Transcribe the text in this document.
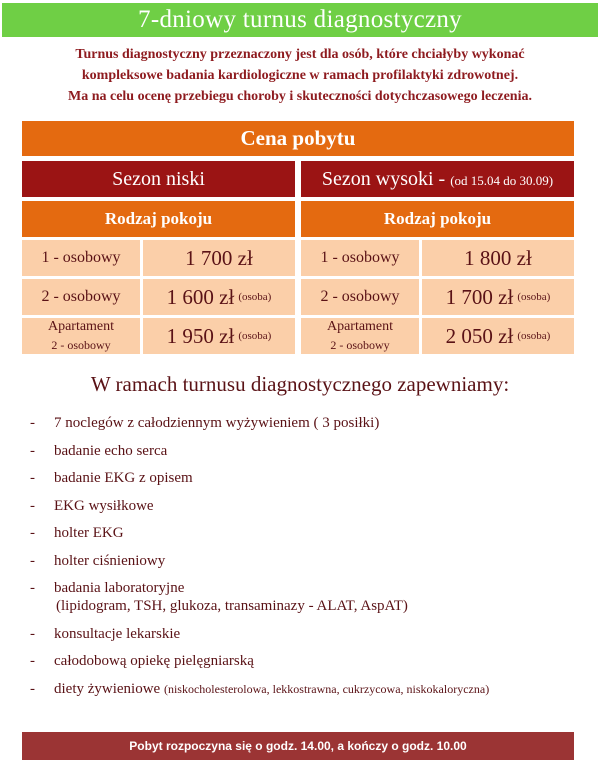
7-dniowy turnus diagnostyczny
Turnus diagnostyczny przeznaczony jest dla osób, które chciałyby wykonać
kompleksowe badania kardiologiczne w ramach profilaktyki zdrowotnej.
Ma na celu ocenę przebiegu choroby i skuteczności dotychczasowego leczenia.
Cena pobytu
Sezon niski
Rodzaj pokoju
1 - osobowy	1 700 zł
2 - osobowy	1 600 zł (osoba)
Apartament
2 - osobowy	1 950 zł (osoba)
Sezon wysoki - (od 15.04 do 30.09)
Rodzaj pokoju
1 - osobowy	1 800 zł
2 - osobowy	1 700 zł (osoba)
Apartament
2 - osobowy	2 050 zł (osoba)
W ramach turnusu diagnostycznego zapewniamy:
-	7 noclegów z całodziennym wyżywieniem ( 3 posiłki)
-	badanie echo serca
-	badanie EKG z opisem
-	EKG wysiłkowe
-	holter EKG
-	holter ciśnieniowy
-	badania laboratoryjne
(lipidogram, TSH, glukoza, transaminazy - ALAT, AspAT)
-	konsultacje lekarskie
-	całodobową opiekę pielęgniarską
-	diety żywieniowe (niskocholesterolowa, lekkostrawna, cukrzycowa, niskokaloryczna)
Pobyt rozpoczyna się o godz. 14.00, a kończy o godz. 10.00
